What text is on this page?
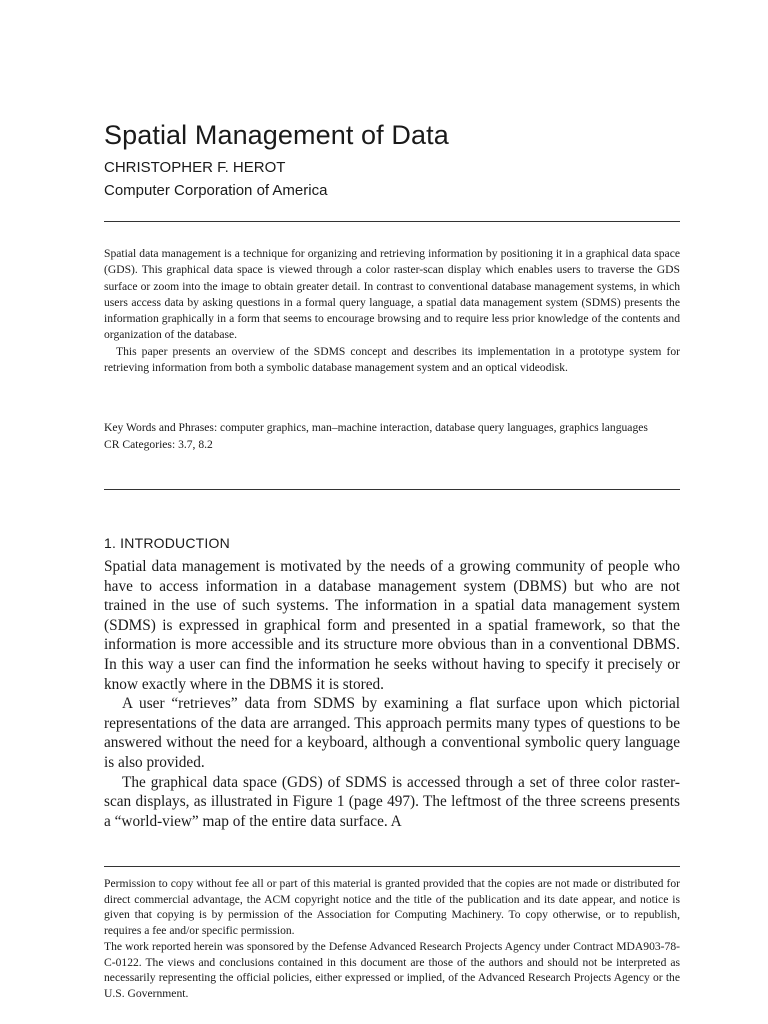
Spatial Management of Data
CHRISTOPHER F. HEROT
Computer Corporation of America

Spatial data management is a technique for organizing and retrieving information by positioning it in a graphical data space (GDS). This graphical data space is viewed through a color raster-scan display which enables users to traverse the GDS surface or zoom into the image to obtain greater detail. In contrast to conventional database management systems, in which users access data by asking questions in a formal query language, a spatial data management system (SDMS) presents the information graphically in a form that seems to encourage browsing and to require less prior knowledge of the contents and organization of the database.

This paper presents an overview of the SDMS concept and describes its implementation in a prototype system for retrieving information from both a symbolic database management system and an optical videodisk.

Key Words and Phrases: computer graphics, man–machine interaction, database query languages, graphics languages

CR Categories: 3.7, 8.2

1. INTRODUCTION

Spatial data management is motivated by the needs of a growing community of people who have to access information in a database management system (DBMS) but who are not trained in the use of such systems. The information in a spatial data management system (SDMS) is expressed in graphical form and presented in a spatial framework, so that the information is more accessible and its structure more obvious than in a conventional DBMS. In this way a user can find the information he seeks without having to specify it precisely or know exactly where in the DBMS it is stored.

A user “retrieves” data from SDMS by examining a flat surface upon which pictorial representations of the data are arranged. This approach permits many types of questions to be answered without the need for a keyboard, although a conventional symbolic query language is also provided.

The graphical data space (GDS) of SDMS is accessed through a set of three color raster-scan displays, as illustrated in Figure 1 (page 497). The leftmost of the three screens presents a “world-view” map of the entire data surface. A

Permission to copy without fee all or part of this material is granted provided that the copies are not made or distributed for direct commercial advantage, the ACM copyright notice and the title of the publication and its date appear, and notice is given that copying is by permission of the Association for Computing Machinery. To copy otherwise, or to republish, requires a fee and/or specific permission.

The work reported herein was sponsored by the Defense Advanced Research Projects Agency under Contract MDA903-78-C-0122. The views and conclusions contained in this document are those of the authors and should not be interpreted as necessarily representing the official policies, either expressed or implied, of the Advanced Research Projects Agency or the U.S. Government.
